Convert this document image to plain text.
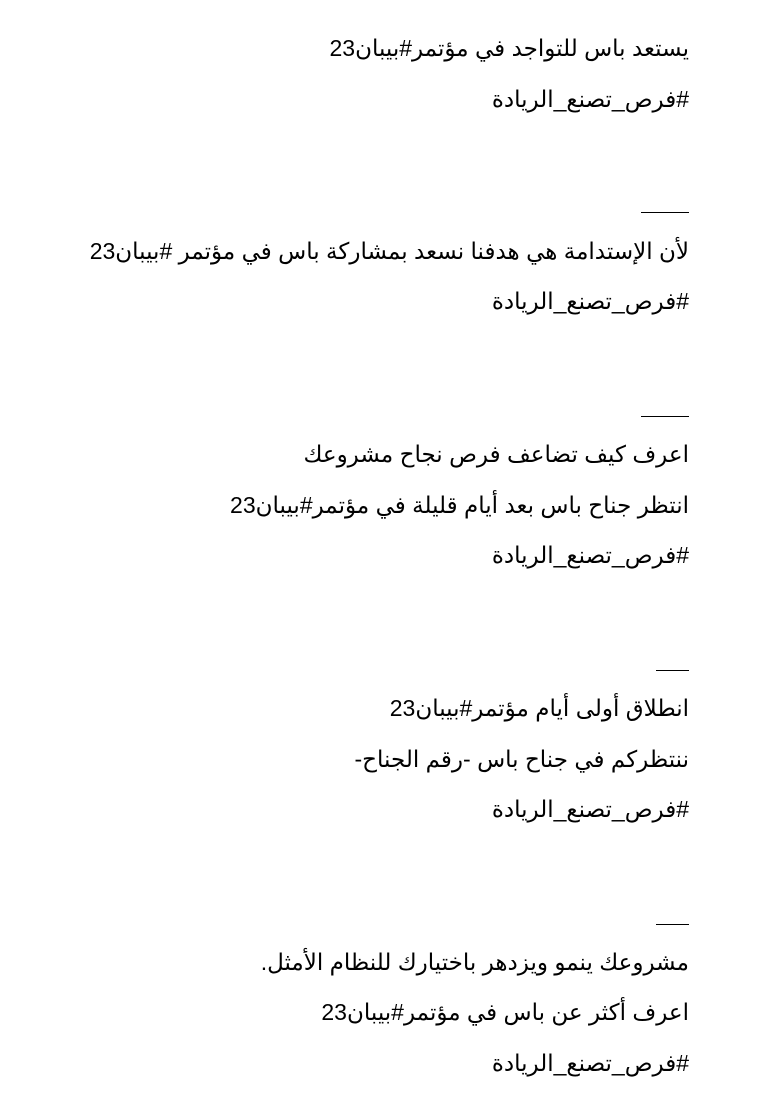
يستعد باس للتواجد في مؤتمر#بيبان23
#فرص_تصنع_الريادة
لأن الإستدامة هي هدفنا نسعد بمشاركة باس في مؤتمر #بيبان23
#فرص_تصنع_الريادة
اعرف كيف تضاعف فرص نجاح مشروعك
انتظر جناح باس بعد أيام قليلة في مؤتمر#بيبان23
#فرص_تصنع_الريادة
انطلاق أولى أيام مؤتمر#بيبان23
ننتظركم في جناح باس -رقم الجناح-
#فرص_تصنع_الريادة
مشروعك ينمو ويزدهر باختيارك للنظام الأمثل.
اعرف أكثر عن باس في مؤتمر#بيبان23
#فرص_تصنع_الريادة
